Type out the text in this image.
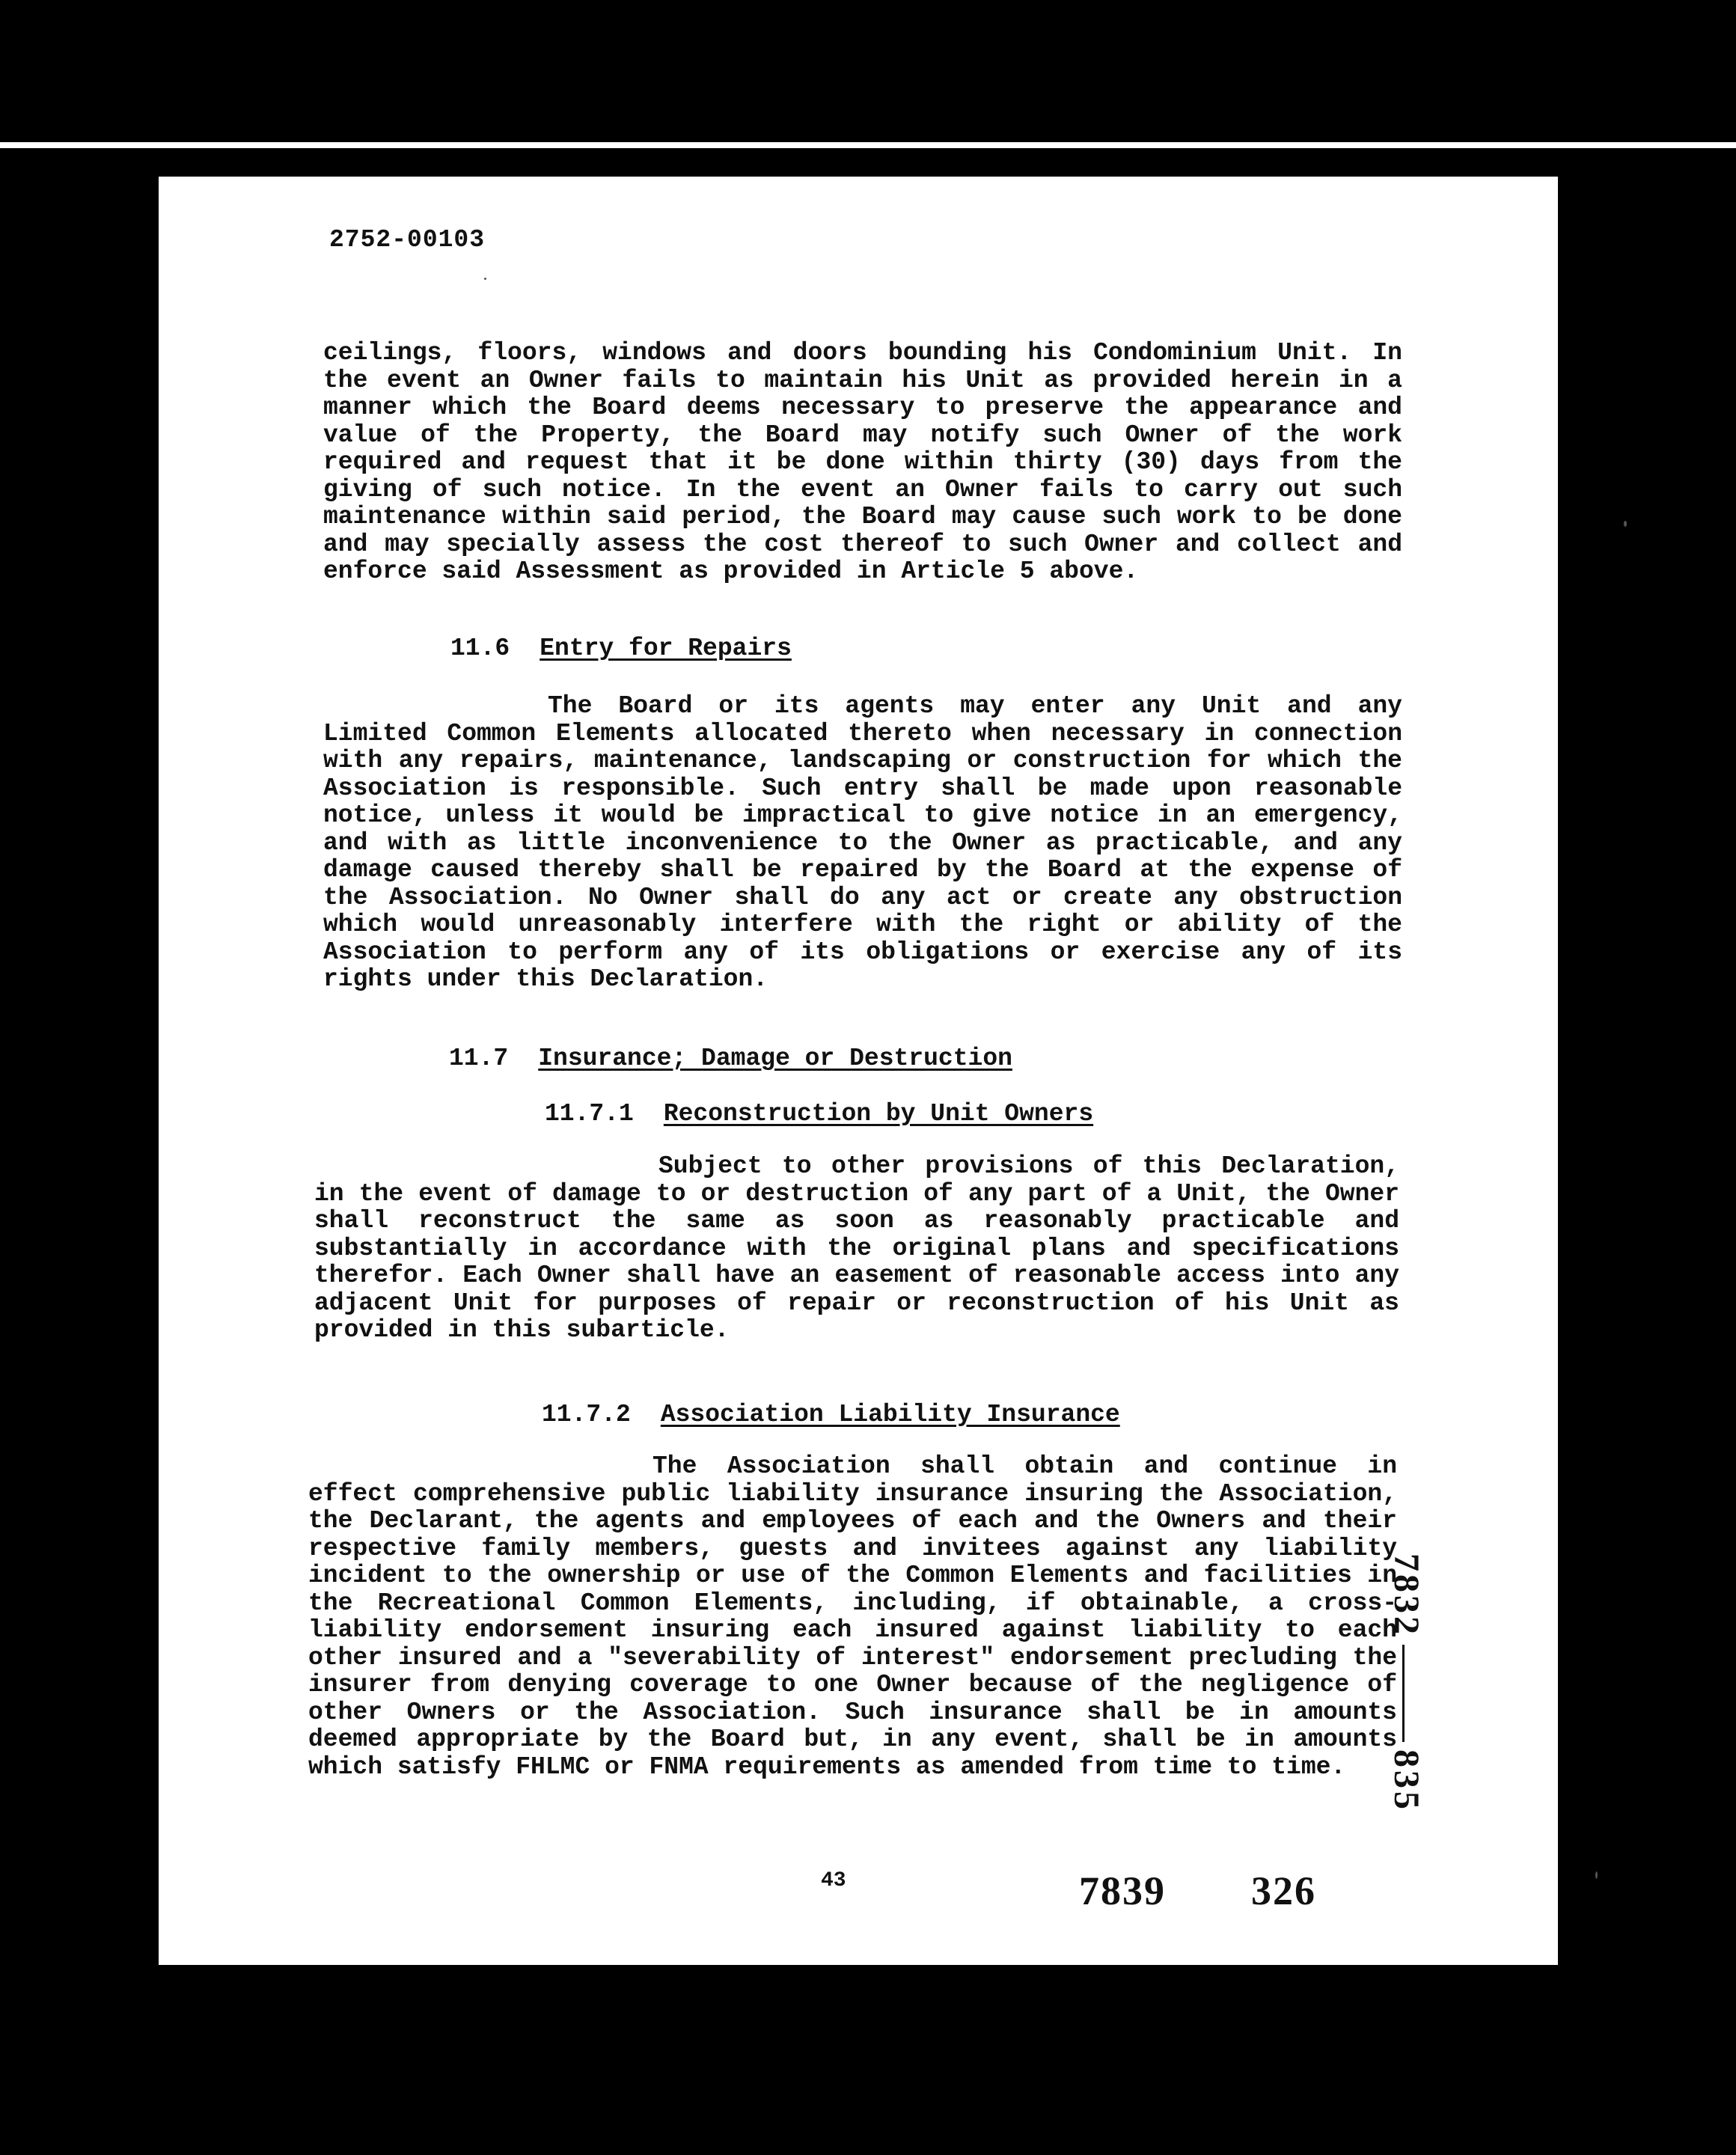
2752-00103

ceilings, floors, windows and doors bounding his Condominium Unit. In the event an Owner fails to maintain his Unit as provided herein in a manner which the Board deems necessary to preserve the appearance and value of the Property, the Board may notify such Owner of the work required and request that it be done within thirty (30) days from the giving of such notice. In the event an Owner fails to carry out such maintenance within said period, the Board may cause such work to be done and may specially assess the cost thereof to such Owner and collect and enforce said Assessment as provided in Article 5 above.

11.6 Entry for Repairs

The Board or its agents may enter any Unit and any Limited Common Elements allocated thereto when necessary in connection with any repairs, maintenance, landscaping or construction for which the Association is responsible. Such entry shall be made upon reasonable notice, unless it would be impractical to give notice in an emergency, and with as little inconvenience to the Owner as practicable, and any damage caused thereby shall be repaired by the Board at the expense of the Association. No Owner shall do any act or create any obstruction which would unreasonably interfere with the right or ability of the Association to perform any of its obligations or exercise any of its rights under this Declaration.

11.7 Insurance; Damage or Destruction
11.7.1 Reconstruction by Unit Owners

Subject to other provisions of this Declaration, in the event of damage to or destruction of any part of a Unit, the Owner shall reconstruct the same as soon as reasonably practicable and substantially in accordance with the original plans and specifications therefor. Each Owner shall have an easement of reasonable access into any adjacent Unit for purposes of repair or reconstruction of his Unit as provided in this subarticle.

11.7.2 Association Liability Insurance

The Association shall obtain and continue in effect comprehensive public liability insurance insuring the Association, the Declarant, the agents and employees of each and the Owners and their respective family members, guests and invitees against any liability incident to the ownership or use of the Common Elements and facilities in the Recreational Common Elements, including, if obtainable, a cross-liability endorsement insuring each insured against liability to each other insured and a "severability of interest" endorsement precluding the insurer from denying coverage to one Owner because of the negligence of other Owners or the Association. Such insurance shall be in amounts deemed appropriate by the Board but, in any event, shall be in amounts which satisfy FHLMC or FNMA requirements as amended from time to time.

43	7839 326
7832835
